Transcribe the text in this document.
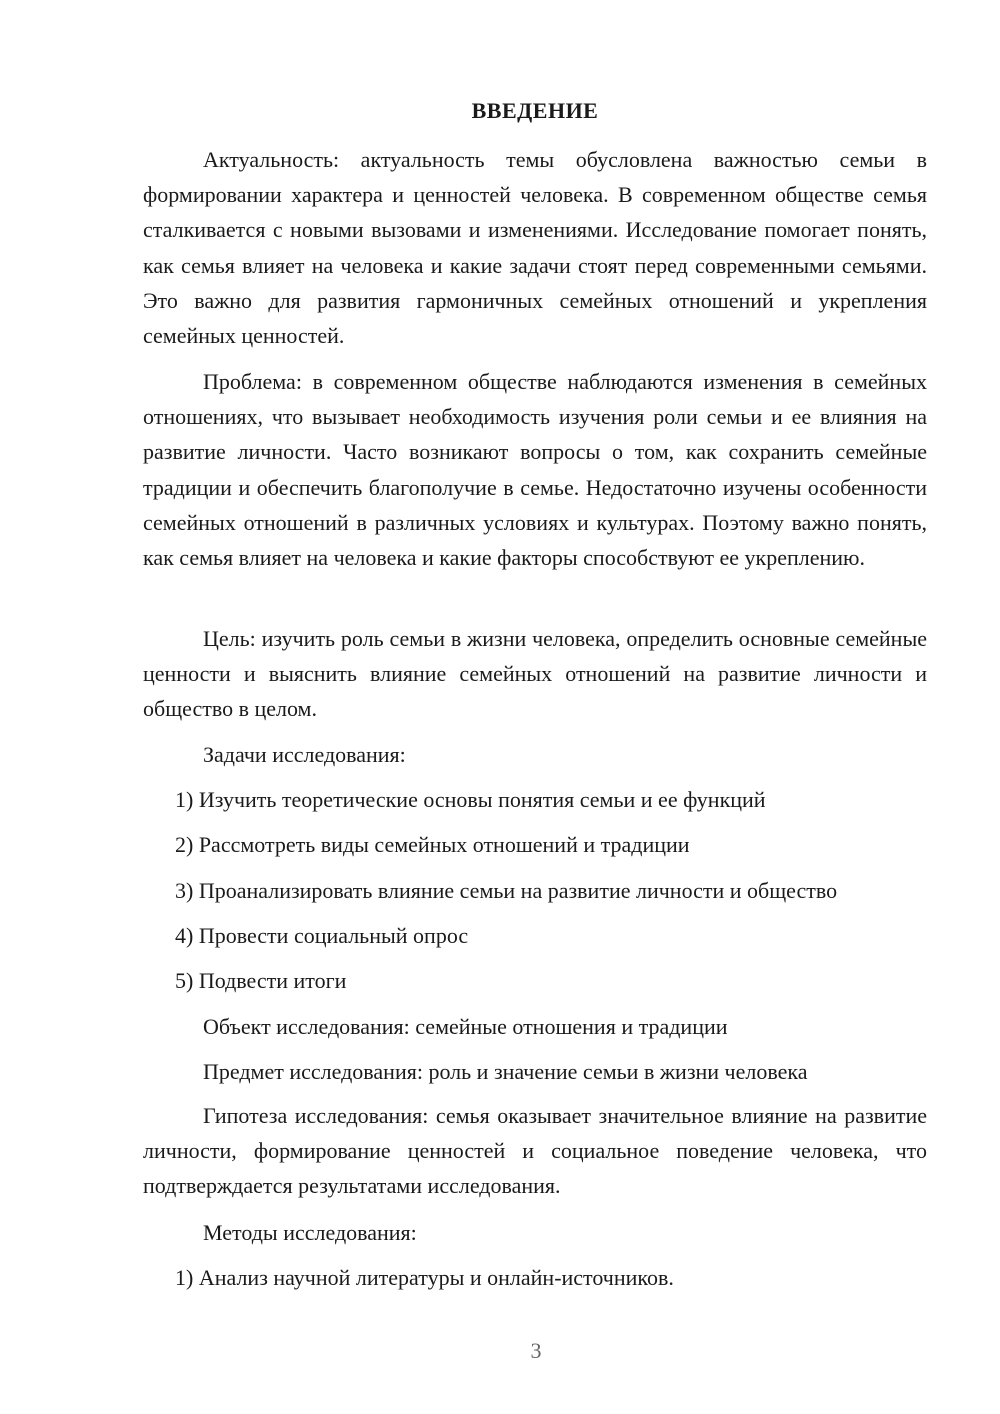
ВВЕДЕНИЕ

Актуальность: актуальность темы обусловлена важностью семьи в формировании характера и ценностей человека. В современном обществе семья сталкивается с новыми вызовами и изменениями. Исследование помогает понять, как семья влияет на человека и какие задачи стоят перед современными семьями. Это важно для развития гармоничных семейных отношений и укрепления семейных ценностей.

Проблема: в современном обществе наблюдаются изменения в семейных отношениях, что вызывает необходимость изучения роли семьи и ее влияния на развитие личности. Часто возникают вопросы о том, как сохранить семейные традиции и обеспечить благополучие в семье. Недостаточно изучены особенности семейных отношений в различных условиях и культурах. Поэтому важно понять, как семья влияет на человека и какие факторы способствуют ее укреплению.

Цель: изучить роль семьи в жизни человека, определить основные семейные ценности и выяснить влияние семейных отношений на развитие личности и общество в целом.

Задачи исследования:

1) Изучить теоретические основы понятия семьи и ее функций

2) Рассмотреть виды семейных отношений и традиции

3) Проанализировать влияние семьи на развитие личности и общество

4) Провести социальный опрос

5) Подвести итоги

Объект исследования: семейные отношения и традиции

Предмет исследования: роль и значение семьи в жизни человека

Гипотеза исследования: семья оказывает значительное влияние на развитие личности, формирование ценностей и социальное поведение человека, что подтверждается результатами исследования.

Методы исследования:

1) Анализ научной литературы и онлайн-источников.

3
